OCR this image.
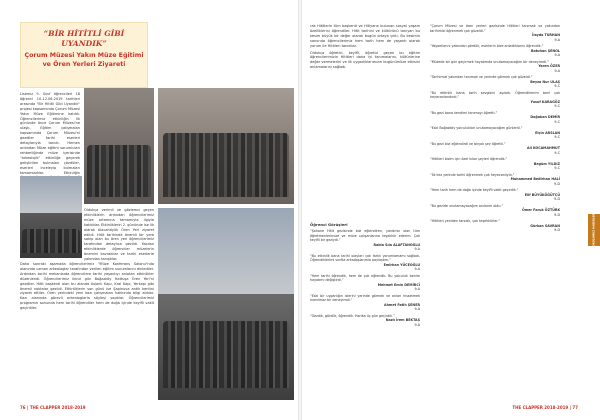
“BİR HİTİTLİ GİBİ UYANDIK”
Çorum Müzesi Yakın Müze Eğitimi ve Ören Yerleri Ziyareti

Lisemiz 9. Sınıf öğrencileri 18 öğrenci 10-12.06.2019 tarihleri arasında "Bir Hititli Gibi Uyandık" projesi kapsamında Çorum Müzesi Yakın Müze Eğitimine katıldı. Öğrencilerimiz etkinliğin ilk gününde önce Çorum Müzesi'ne ulaştı. Eğitim çalışmaları kapsamında Çorum Müzesi'ni gezdiler tarihi eserleri detaylarıyla tanıdı. Hemen ardından Müze eğitim sorumluları rehberliğinde müze içerisinde "arkeolojik" etkinliğe geçerek geliştirilen bulmaları çözdüler, eserleri inceleyip bulmaları tamamladılar. Etkinliğin

Oldukça verimli ve gözlemci geçen etkinliklerin ardından öğrencilerimiz müze ortamına tamamıyla ilgiyle katıldılar. Etkinliklerin 2. gününde ise ilk olarak Alacahöyük Ören Yeri ziyaret edildi. Hitit tarihinde önemli bir yere sahip olan bu ören yeri öğrencilerimiz tarafından detaylıca gezildi. Yapılan etkinliklerde öğrenciler müzelerin önemini kavradılar ve tarihi eserlerle yakından tanıştılar.

Daha sonraki aşamada öğrencilerimiz "Müze Konferans Salonu"nda alanında uzman arkeologlar tarafından verilen eğitim sunumlarını dinlediler. Ardından tarihi mekanlarda öğrencilere tarihi yaşantıyı anlatan etkinlikler düzenlendi. Öğrencilerimiz ikinci gün Boğazköy Hattuşa Ören Yeri'ni gezdiler. Hitit başkenti olan bu alanda Aslanlı Kapı, Kral Kapı, Yerkapı gibi önemli noktalar gezildi. Etkinliklerin son günü ise Şapinuva antik kentini ziyaret ettiler. Ören yerindeki yeni kazı çalışmaları hakkında bilgi aldılar. Kazı alanında görevli arkeologlarla söyleşi yaptılar. Öğrencilerimiz programın sonunda hem tarihi öğrendiler hem de doğa içinde keyifli vakit geçirdiler.

76 | THE CLAPPER 2018-2019

rak Hititlerin tüm başkenti ve Hitiyane bulunan sosyal yaşam özelliklerini öğrendiler. Hitit tarihini ve kültürünü tanıyan bu kesim büyük bir değer olarak bugün ortaya çıktı. Bu kesimin sonunda öğrencilerimiz hem tarih hem de yaşantı olarak yorum ile Hititleri tanıdılar.

Oldukça öğretici, keyifli, öğretici geçen bu eğitim öğrencilerimizin Hititleri daha iyi tanımalarını, kültürlerine değer vermelerini ve ilk uygarlıklarımızın bugünümüze etkisini anlamalarını sağladı.

Öğrenci Görüşleri
“Şahane Hitit gezisinde bizi eğlendiren, yardımcı olan tüm öğretmenlerimize ve müze çalışanlarına teşekkür ederim. Çok keyifli bir geziydi.”
Rabia Sıla ALAFTANOĞLU
9-A
“Bu etkinlik bana tarihi olayları çok farklı yorumlamamı sağladı. Öğrendiklerimi sınıfta arkadaşlarımla paylaştım.”
Emirhan YÜCEOĞLU
9-A
“Hem tarihi öğrendik, hem de çok eğlendik. Bu yolculuk benim hayatımı değiştirdi.”
Mehmet Emin DEMİRCİ
9-A
“Eski bir uygarlığın izlerini yerinde görmek ve onları hissetmek inanılmaz bir deneyimdi.”
Ahmet Fatih ŞENER
9-A
“Gezdik, gördük, öğrendik. Harika üç gün geçirdik.”
Nazlı İrem BEKTAŞ
9-A
“Çorum Müzesi ve ören yerleri gezisinde Hititleri tanımak ve yakından tarihimizi öğrenmek çok güzeldi.”
İlayda TURHAN
9-A
“Yaşamlarını yakından gördük, eserlerin bize anlattıklarını öğrendik.”
Batuhan ŞENOL
9-A
“Müzede bir gün geçirmek hayatımda unutamayacağım bir deneyimdi.”
Yaren ÖZER
9-A
“Tarihimizi yakından tanımak ve yerinde görmek çok güzeldi.”
Beyza Nur ULAŞ
9-C
“Bu etkinlik bana tarih sevgisini aşıladı. Öğrendiklerim beni çok heyecanlandırdı.”
Yusuf KARAGÖZ
9-C
“Bu gezi bana kendimi tanımayı öğretti.”
Doğukan DEMİR
9-C
“Eski Boğazköy yolculukları unutamayacağım günlerdi.”
Elçin ARSLAN
9-C
“Bu gezi bizi eğlendirdi ve birçok şey öğretti.”
Ali KOCAMAHMUT
9-C
“Hititleri bizim için özel kılan şeyleri öğrendik.”
Begüm YILDIZ
9-C
“İlk kez yerinde tarihi öğrenmek çok heyecanlıydı.”
Muhammed Bedirhan HALİ
9-D
“Hem tarih hem de doğa içinde keyifli vakit geçirdik.”
Elif BÜYÜKÖĞÜTÇÜ
9-D
“Bu gezide unutamayacağım anılarım oldu.”
Ömer Faruk ÖZTÜRK
9-D
“Hititleri yeniden tanıdık, çok teşekkürler.”
Gürkan SAVRAN
9-D	OKULUMUZ HABERLER
THE CLAPPER 2018-2019 | 77
